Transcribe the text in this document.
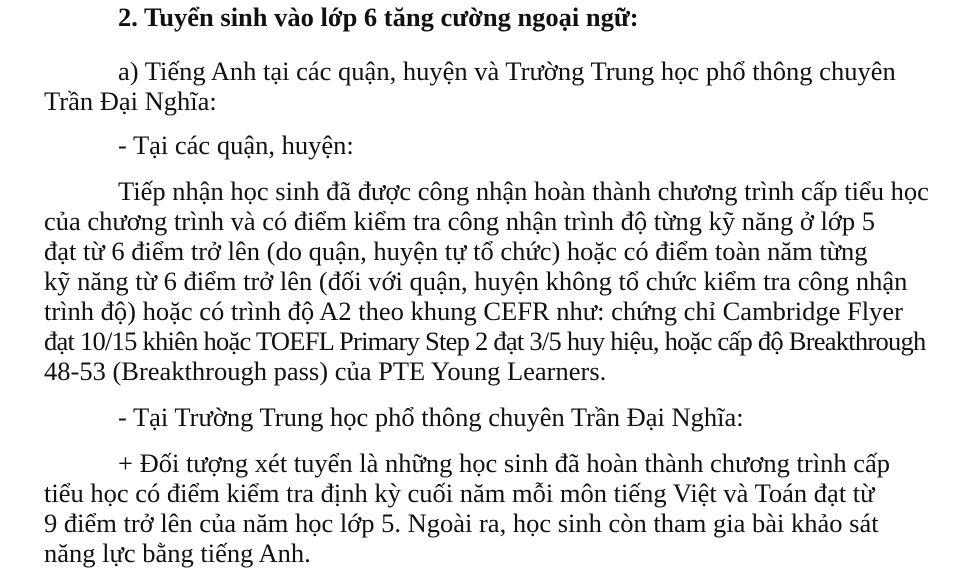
2. Tuyển sinh vào lớp 6 tăng cường ngoại ngữ:
a) Tiếng Anh tại các quận, huyện và Trường Trung học phổ thông chuyên
Trần Đại Nghĩa:
- Tại các quận, huyện:
Tiếp nhận học sinh đã được công nhận hoàn thành chương trình cấp tiểu học
của chương trình và có điểm kiểm tra công nhận trình độ từng kỹ năng ở lớp 5
đạt từ 6 điểm trở lên (do quận, huyện tự tổ chức) hoặc có điểm toàn năm từng
kỹ năng từ 6 điểm trở lên (đối với quận, huyện không tổ chức kiểm tra công nhận
trình độ) hoặc có trình độ A2 theo khung CEFR như: chứng chỉ Cambridge Flyer
đạt 10/15 khiên hoặc TOEFL Primary Step 2 đạt 3/5 huy hiệu, hoặc cấp độ Breakthrough
48-53 (Breakthrough pass) của PTE Young Learners.
- Tại Trường Trung học phổ thông chuyên Trần Đại Nghĩa:
+ Đối tượng xét tuyển là những học sinh đã hoàn thành chương trình cấp
tiểu học có điểm kiểm tra định kỳ cuối năm mỗi môn tiếng Việt và Toán đạt từ
9 điểm trở lên của năm học lớp 5. Ngoài ra, học sinh còn tham gia bài khảo sát
năng lực bằng tiếng Anh.
